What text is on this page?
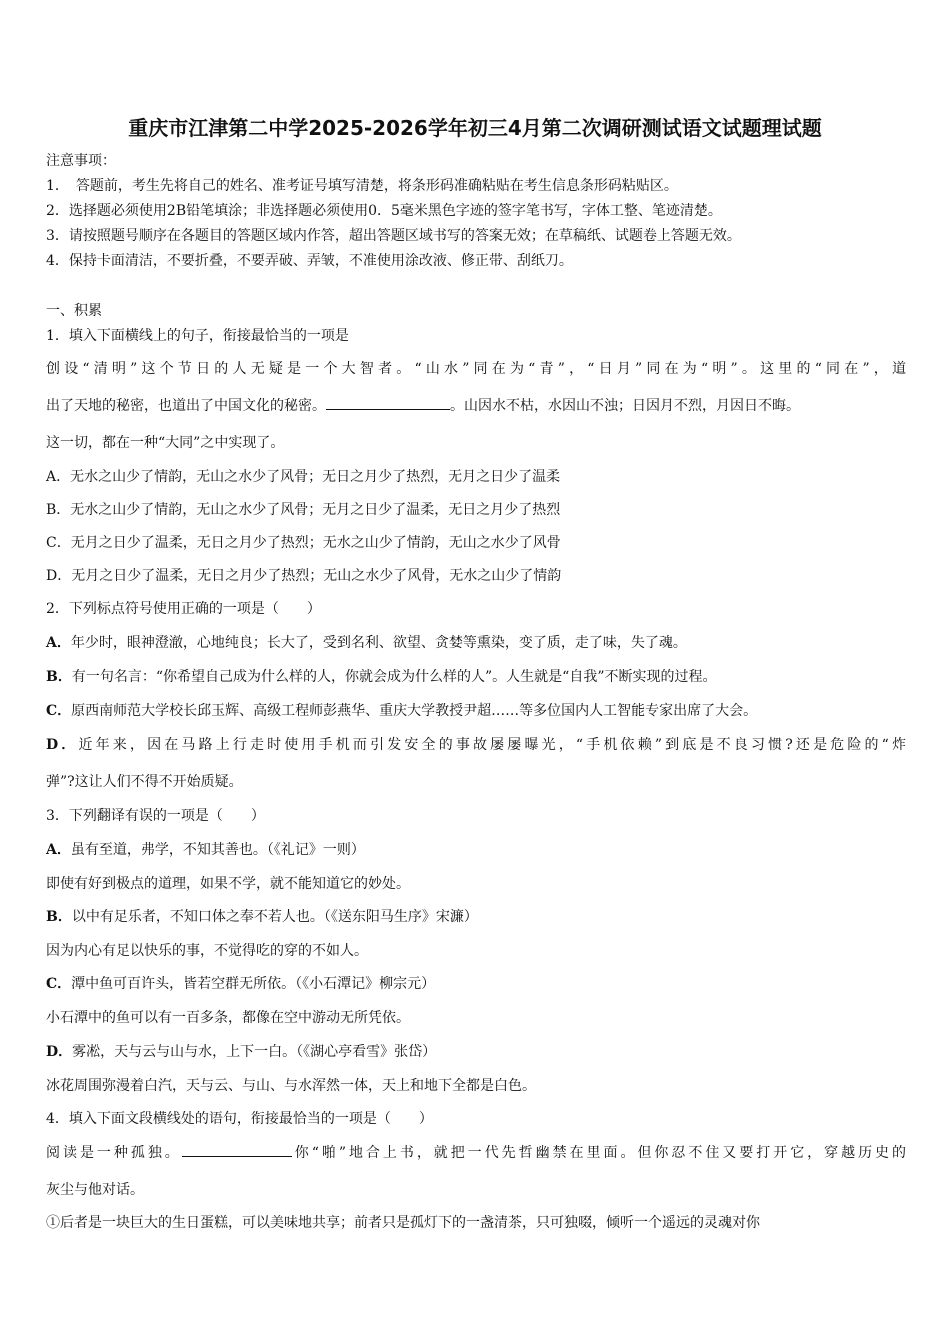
重庆市江津第二中学2025-2026学年初三4月第二次调研测试语文试题理试题
注意事项：
1．　答题前，考生先将自己的姓名、准考证号填写清楚，将条形码准确粘贴在考生信息条形码粘贴区。
2．选择题必须使用2B铅笔填涂；非选择题必须使用0．5毫米黑色字迹的签字笔书写，字体工整、笔迹清楚。
3．请按照题号顺序在各题目的答题区域内作答，超出答题区域书写的答案无效；在草稿纸、试题卷上答题无效。
4．保持卡面清洁，不要折叠，不要弄破、弄皱，不准使用涂改液、修正带、刮纸刀。
一、积累
1．填入下面横线上的句子，衔接最恰当的一项是
创设“清明”这个节日的人无疑是一个大智者。“山水”同在为“青”，“日月”同在为“明”。这里的“同在”，道
出了天地的秘密，也道出了中国文化的秘密。	。山因水不枯，水因山不浊；日因月不烈，月因日不晦。
这一切，都在一种“大同”之中实现了。
A．无水之山少了情韵，无山之水少了风骨；无日之月少了热烈，无月之日少了温柔
B．无水之山少了情韵，无山之水少了风骨；无月之日少了温柔，无日之月少了热烈
C．无月之日少了温柔，无日之月少了热烈；无水之山少了情韵，无山之水少了风骨
D．无月之日少了温柔，无日之月少了热烈；无山之水少了风骨，无水之山少了情韵
2．下列标点符号使用正确的一项是（　　）
A．年少时，眼神澄澈，心地纯良；长大了，受到名利、欲望、贪婪等熏染，变了质，走了味，失了魂。
B．有一句名言：“你希望自己成为什么样的人，你就会成为什么样的人”。人生就是“自我”不断实现的过程。
C．原西南师范大学校长邱玉辉、高级工程师彭燕华、重庆大学教授尹超……等多位国内人工智能专家出席了大会。
D．近年来，因在马路上行走时使用手机而引发安全的事故屡屡曝光，“手机依赖”到底是不良习惯?还是危险的“炸
弹”?这让人们不得不开始质疑。
3．下列翻译有误的一项是（　　）
A．虽有至道，弗学，不知其善也。（《礼记》一则）
即使有好到极点的道理，如果不学，就不能知道它的妙处。
B．以中有足乐者，不知口体之奉不若人也。（《送东阳马生序》宋濂）
因为内心有足以快乐的事，不觉得吃的穿的不如人。
C．潭中鱼可百许头，皆若空群无所依。（《小石潭记》柳宗元）
小石潭中的鱼可以有一百多条，都像在空中游动无所凭依。
D．雾凇，天与云与山与水，上下一白。（《湖心亭看雪》张岱）
冰花周围弥漫着白汽，天与云、与山、与水浑然一体，天上和地下全都是白色。
4．填入下面文段横线处的语句，衔接最恰当的一项是（　　）
阅读是一种孤独。	你“啪”地合上书，就把一代先哲幽禁在里面。但你忍不住又要打开它，穿越历史的
灰尘与他对话。
①后者是一块巨大的生日蛋糕，可以美味地共享；前者只是孤灯下的一盏清茶，只可独啜，倾听一个遥远的灵魂对你
